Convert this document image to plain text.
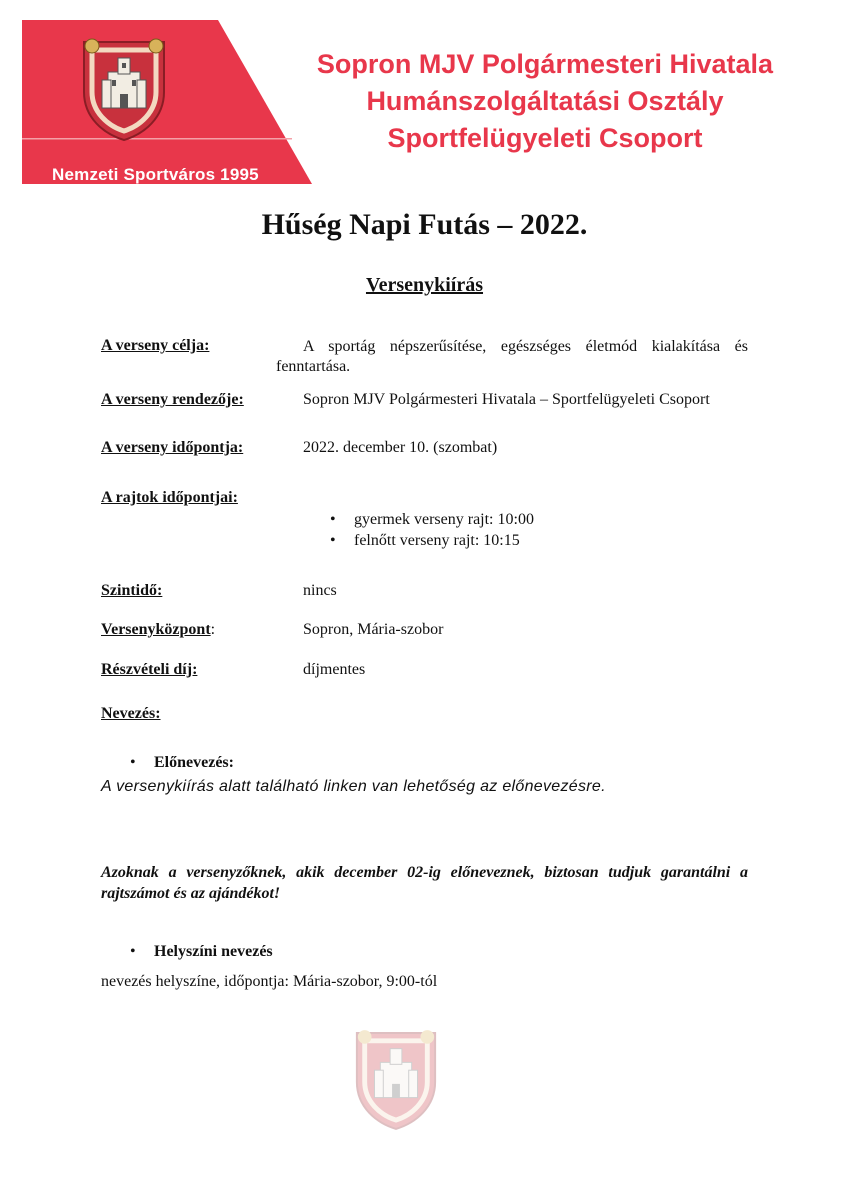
Nemzeti Sportváros 1995
Sopron MJV Polgármesteri Hivatala
Humánszolgáltatási Osztály
Sportfelügyeleti Csoport
Hűség Napi Futás – 2022.
Versenykiírás
A verseny célja:	A sportág népszerűsítése, egészséges életmód kialakítása és fenntartása.
A verseny rendezője:	Sopron MJV Polgármesteri Hivatala – Sportfelügyeleti Csoport
A verseny időpontja:	2022. december 10. (szombat)
A rajtok időpontjai:
• gyermek verseny rajt: 10:00
• felnőtt verseny rajt: 10:15
Szintidő:	nincs
Versenyközpont:	Sopron, Mária-szobor
Részvételi díj:	díjmentes
Nevezés:
• Előnevezés:
A versenykiírás alatt található linken van lehetőség az előnevezésre.
Azoknak a versenyzőknek, akik december 02-ig előneveznek, biztosan tudjuk garantálni a rajtszámot és az ajándékot!
• Helyszíni nevezés
nevezés helyszíne, időpontja: Mária-szobor, 9:00-tól
